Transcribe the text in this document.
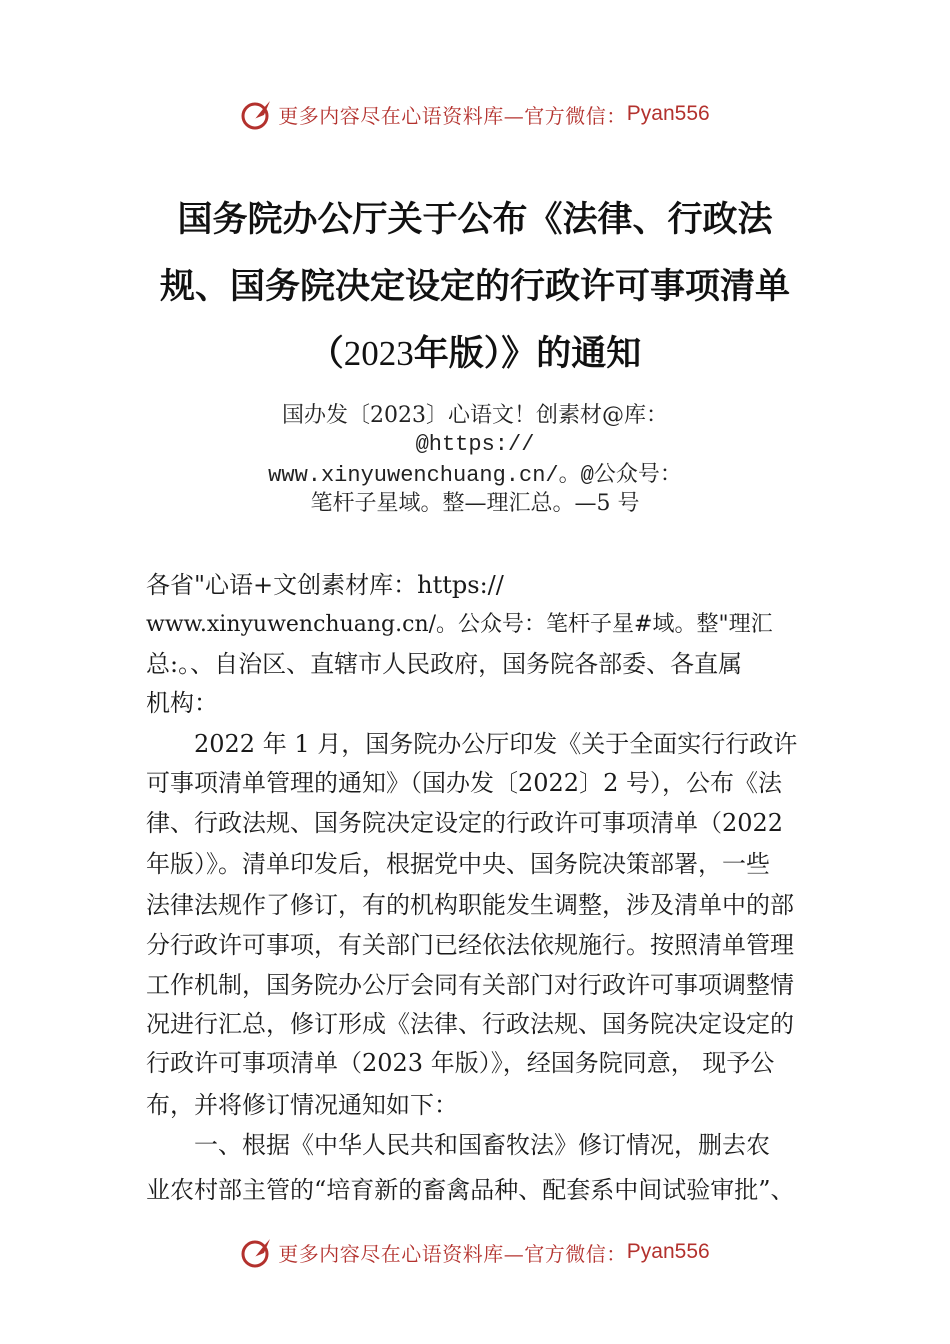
更多内容尽在心语资料库—官方微信： Pyan556
国务院办公厅关于公布《法律、行政法
规、国务院决定设定的行政许可事项清单
（2023年版）》的通知
国办发〔2023〕心语文！创素材@库：
@https://
www.xinyuwenchuang.cn/。@公众号：
笔杆子星域。整—理汇总。—5 号
各省"心语+文创素材库：https://
www.xinyuwenchuang.cn/。公众号：笔杆子星#域。整"理汇
总:。、自治区、直辖市人民政府，国务院各部委、各直属
机构：
2022 年 1 月，国务院办公厅印发《关于全面实行行政许
可事项清单管理的通知》（国办发〔2022〕2 号），公布《法
律、行政法规、国务院决定设定的行政许可事项清单（2022
年版）》。清单印发后，根据党中央、国务院决策部署，一些
法律法规作了修订，有的机构职能发生调整，涉及清单中的部
分行政许可事项，有关部门已经依法依规施行。按照清单管理
工作机制，国务院办公厅会同有关部门对行政许可事项调整情
况进行汇总，修订形成《法律、行政法规、国务院决定设定的
行政许可事项清单（2023 年版）》，经国务院同意， 现予公
布，并将修订情况通知如下：
一、根据《中华人民共和国畜牧法》修订情况，删去农
业农村部主管的“培育新的畜禽品种、配套系中间试验审批”、
更多内容尽在心语资料库—官方微信： Pyan556
